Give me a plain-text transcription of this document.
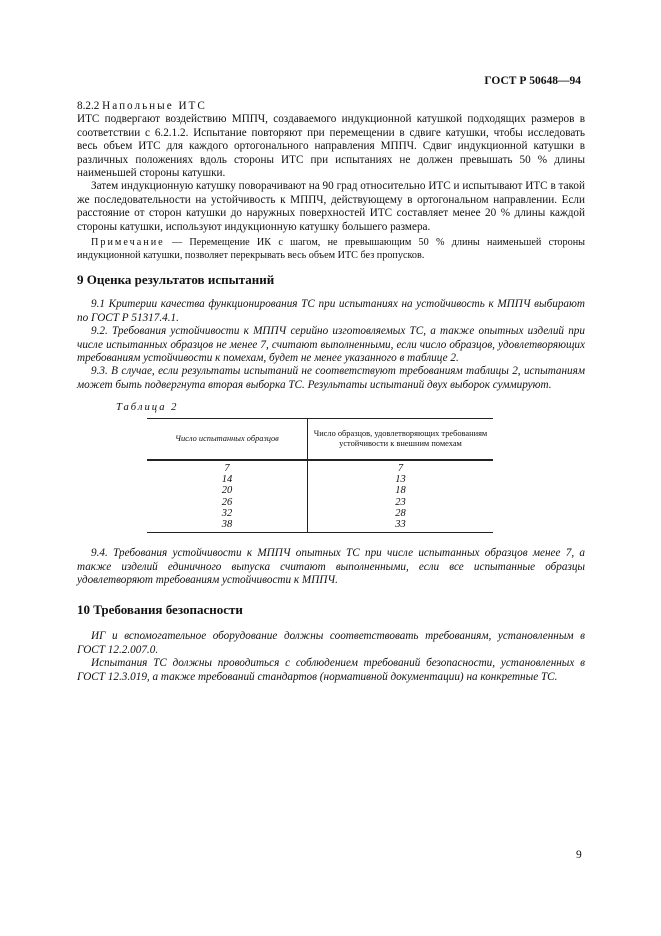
ГОСТ Р 50648—94
8.2.2 Напольные ИТС
ИТС подвергают воздействию МППЧ, создаваемого индукционной катушкой подходящих размеров в соответствии с 6.2.1.2. Испытание повторяют при перемещении в сдвиге катушки, чтобы исследовать весь объем ИТС для каждого ортогонального направления МППЧ. Сдвиг индукционной катушки в различных положениях вдоль стороны ИТС при испытаниях не должен превышать 50 % длины наименьшей стороны катушки.
Затем индукционную катушку поворачивают на 90 град относительно ИТС и испытывают ИТС в такой же последовательности на устойчивость к МППЧ, действующему в ортогональном направлении. Если расстояние от сторон катушки до наружных поверхностей ИТС составляет менее 20 % длины каждой стороны катушки, используют индукционную катушку большего размера.
Примечание — Перемещение ИК с шагом, не превышающим 50 % длины наименьшей стороны индукционной катушки, позволяет перекрывать весь объем ИТС без пропусков.
9 Оценка результатов испытаний
9.1 Критерии качества функционирования ТС при испытаниях на устойчивость к МППЧ выбирают по ГОСТ Р 51317.4.1.
9.2. Требования устойчивости к МППЧ серийно изготовляемых ТС, а также опытных изделий при числе испытанных образцов не менее 7, считают выполненными, если число образцов, удовлетворяющих требованиям устойчивости к помехам, будет не менее указанного в таблице 2.
9.3. В случае, если результаты испытаний не соответствуют требованиям таблицы 2, испытаниям может быть подвергнута вторая выборка ТС. Результаты испытаний двух выборок суммируют.
Таблица 2
Число испытанных образцов	Число образцов, удовлетворяющих требованиям устойчивости к внешним помехам
7	7
14	13
20	18
26	23
32	28
38	33
9.4. Требования устойчивости к МППЧ опытных ТС при числе испытанных образцов менее 7, а также изделий единичного выпуска считают выполненными, если все испытанные образцы удовлетворяют требованиям устойчивости к МППЧ.
10 Требования безопасности
ИГ и вспомогательное оборудование должны соответствовать требованиям, установленным в ГОСТ 12.2.007.0.
Испытания ТС должны проводиться с соблюдением требований безопасности, установленных в ГОСТ 12.3.019, а также требований стандартов (нормативной документации) на конкретные ТС.
9
